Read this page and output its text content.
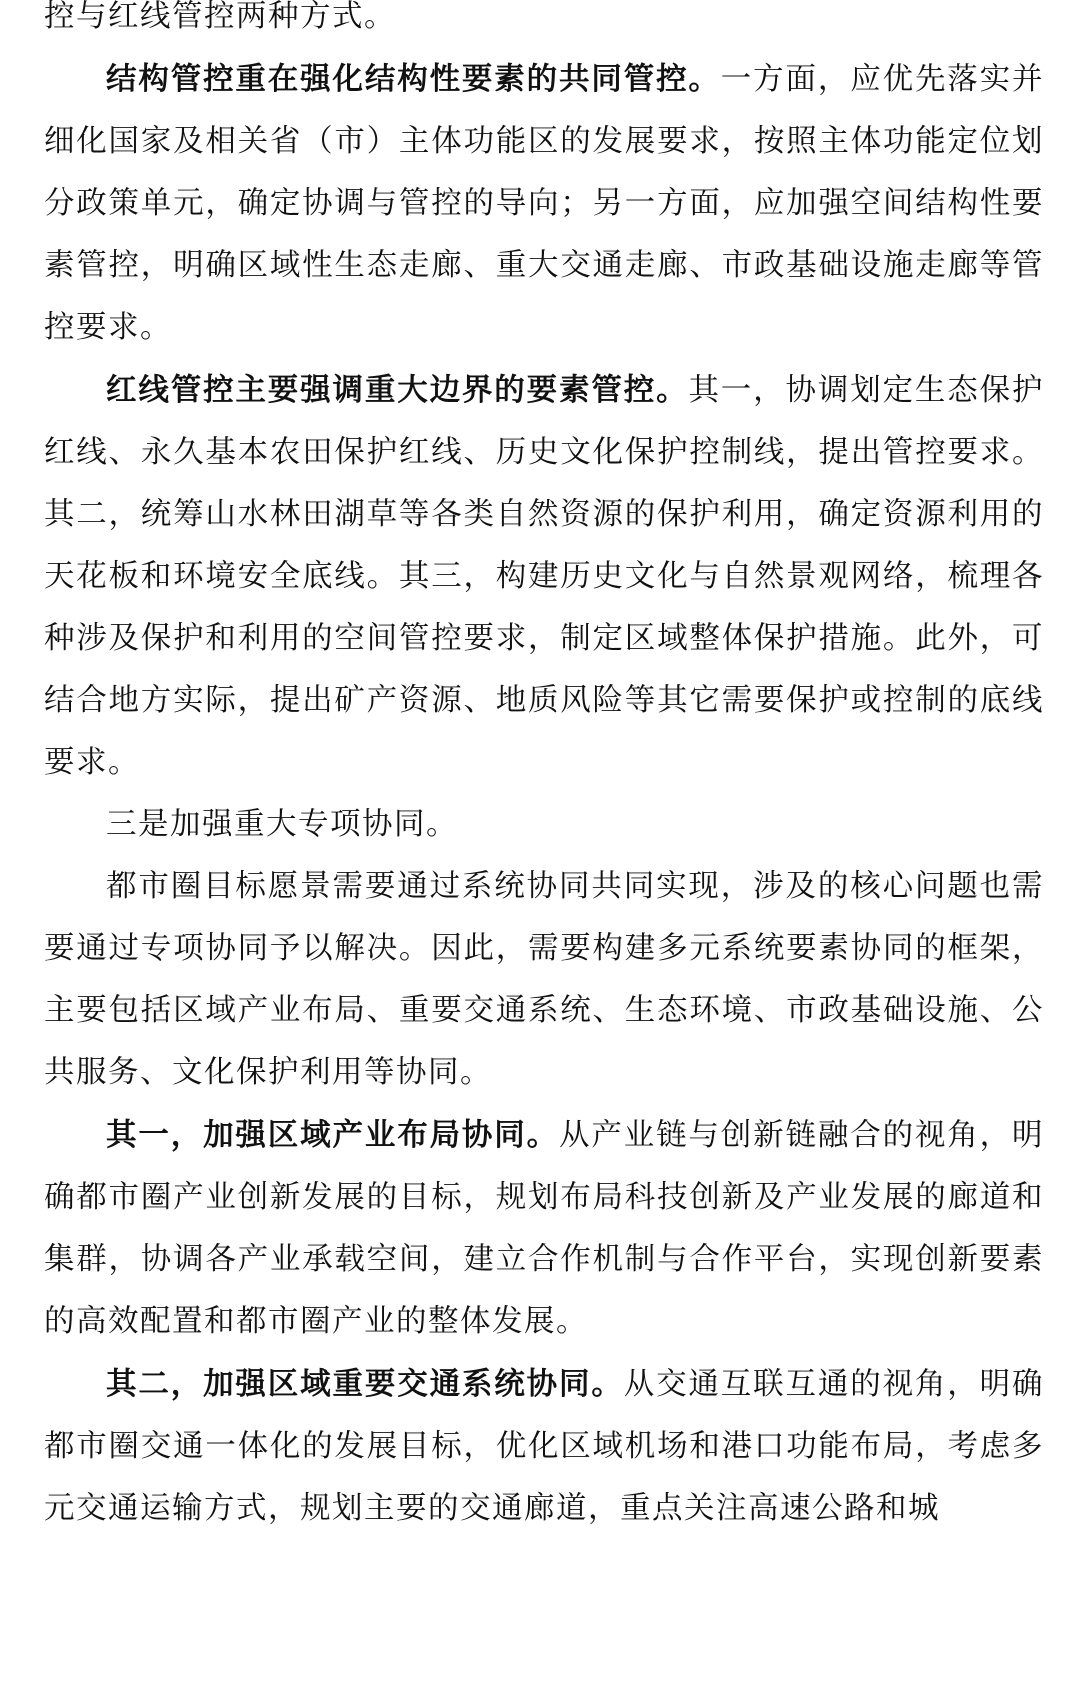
控与红线管控两种方式。

结构管控重在强化结构性要素的共同管控。一方面，应优先落实并细化国家及相关省（市）主体功能区的发展要求，按照主体功能定位划分政策单元，确定协调与管控的导向；另一方面，应加强空间结构性要素管控，明确区域性生态走廊、重大交通走廊、市政基础设施走廊等管控要求。

红线管控主要强调重大边界的要素管控。其一，协调划定生态保护红线、永久基本农田保护红线、历史文化保护控制线，提出管控要求。其二，统筹山水林田湖草等各类自然资源的保护利用，确定资源利用的天花板和环境安全底线。其三，构建历史文化与自然景观网络，梳理各种涉及保护和利用的空间管控要求，制定区域整体保护措施。此外，可结合地方实际，提出矿产资源、地质风险等其它需要保护或控制的底线要求。

三是加强重大专项协同。

都市圈目标愿景需要通过系统协同共同实现，涉及的核心问题也需要通过专项协同予以解决。因此，需要构建多元系统要素协同的框架，主要包括区域产业布局、重要交通系统、生态环境、市政基础设施、公共服务、文化保护利用等协同。

其一，加强区域产业布局协同。从产业链与创新链融合的视角，明确都市圈产业创新发展的目标，规划布局科技创新及产业发展的廊道和集群，协调各产业承载空间，建立合作机制与合作平台，实现创新要素的高效配置和都市圈产业的整体发展。

其二，加强区域重要交通系统协同。从交通互联互通的视角，明确都市圈交通一体化的发展目标，优化区域机场和港口功能布局，考虑多元交通运输方式，规划主要的交通廊道，重点关注高速公路和城
